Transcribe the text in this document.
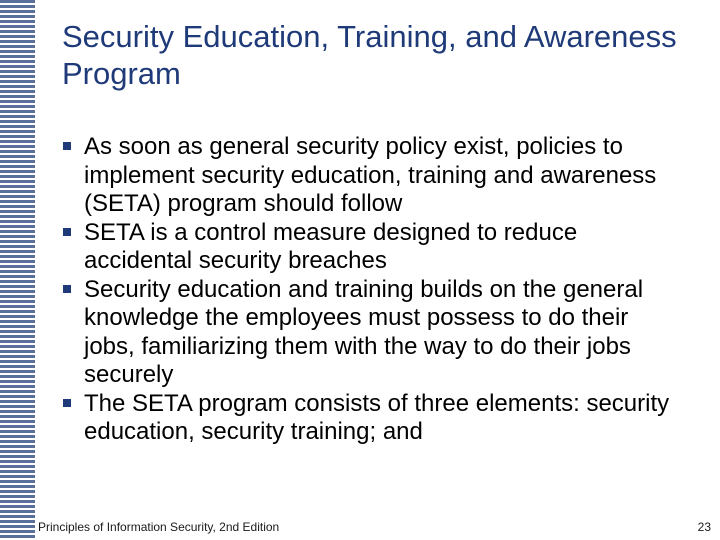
Security Education, Training, and Awareness Program
As soon as general security policy exist, policies to implement security education, training and awareness (SETA) program should follow
SETA is a control measure designed to reduce accidental security breaches
Security education and training builds on the general knowledge the employees must possess to do their jobs, familiarizing them with the way to do their jobs securely
The SETA program consists of three elements: security education, security training; and
Principles of Information Security, 2nd Edition	23
